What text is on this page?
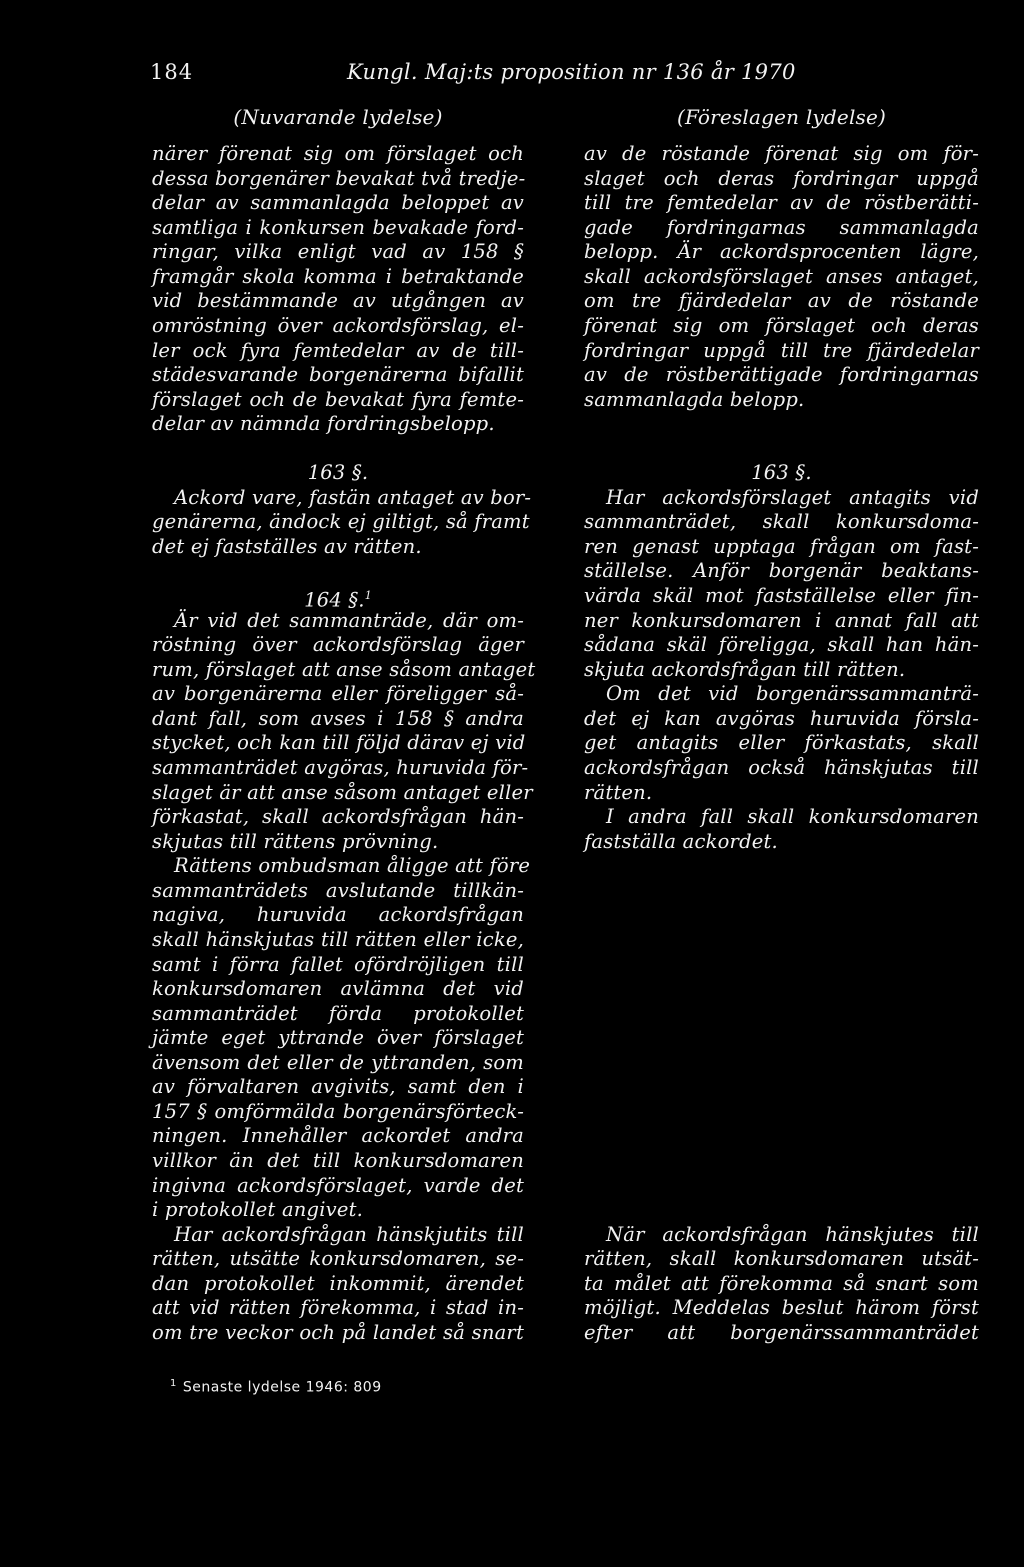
184	Kungl. Maj:ts proposition nr 136 år 1970
(Nuvarande lydelse)
närer förenat sig om förslaget och
dessa borgenärer bevakat två tredje-
delar av sammanlagda beloppet av
samtliga i konkursen bevakade ford-
ringar, vilka enligt vad av 158 §
framgår skola komma i betraktande
vid bestämmande av utgången av
omröstning över ackordsförslag, el-
ler ock fyra femtedelar av de till-
städesvarande borgenärerna bifallit
förslaget och de bevakat fyra femte-
delar av nämnda fordringsbelopp.
163 §.
Ackord vare, fastän antaget av bor-
genärerna, ändock ej giltigt, så framt
det ej fastställes av rätten.
164 §.$^1$
Är vid det sammanträde, där om-
röstning över ackordsförslag äger
rum, förslaget att anse såsom antaget
av borgenärerna eller föreligger så-
dant fall, som avses i 158 § andra
stycket, och kan till följd därav ej vid
sammanträdet avgöras, huruvida för-
slaget är att anse såsom antaget eller
förkastat, skall ackordsfrågan hän-
skjutas till rättens prövning.
Rättens ombudsman åligge att före
sammanträdets avslutande tillkän-
nagiva, huruvida ackordsfrågan
skall hänskjutas till rätten eller icke,
samt i förra fallet ofördröjligen till
konkursdomaren avlämna det vid
sammanträdet förda protokollet
jämte eget yttrande över förslaget
ävensom det eller de yttranden, som
av förvaltaren avgivits, samt den i
157 § omförmälda borgenärsförteck-
ningen. Innehåller ackordet andra
villkor än det till konkursdomaren
ingivna ackordsförslaget, varde det
i protokollet angivet.
Har ackordsfrågan hänskjutits till
rätten, utsätte konkursdomaren, se-
dan protokollet inkommit, ärendet
att vid rätten förekomma, i stad in-
om tre veckor och på landet så snart
(Föreslagen lydelse)
av de röstande förenat sig om för-
slaget och deras fordringar uppgå
till tre femtedelar av de röstberätti-
gade fordringarnas sammanlagda
belopp. Är ackordsprocenten lägre,
skall ackordsförslaget anses antaget,
om tre fjärdedelar av de röstande
förenat sig om förslaget och deras
fordringar uppgå till tre fjärdedelar
av de röstberättigade fordringarnas
sammanlagda belopp.
163 §.
Har ackordsförslaget antagits vid
sammanträdet, skall konkursdoma-
ren genast upptaga frågan om fast-
ställelse. Anför borgenär beaktans-
värda skäl mot fastställelse eller fin-
ner konkursdomaren i annat fall att
sådana skäl föreligga, skall han hän-
skjuta ackordsfrågan till rätten.
Om det vid borgenärssammanträ-
det ej kan avgöras huruvida försla-
get antagits eller förkastats, skall
ackordsfrågan också hänskjutas till
rätten.
I andra fall skall konkursdomaren
fastställa ackordet.
När ackordsfrågan hänskjutes till
rätten, skall konkursdomaren utsät-
ta målet att förekomma så snart som
möjligt. Meddelas beslut härom först
efter att borgenärssammanträdet
$^1$ Senaste lydelse 1946: 809
